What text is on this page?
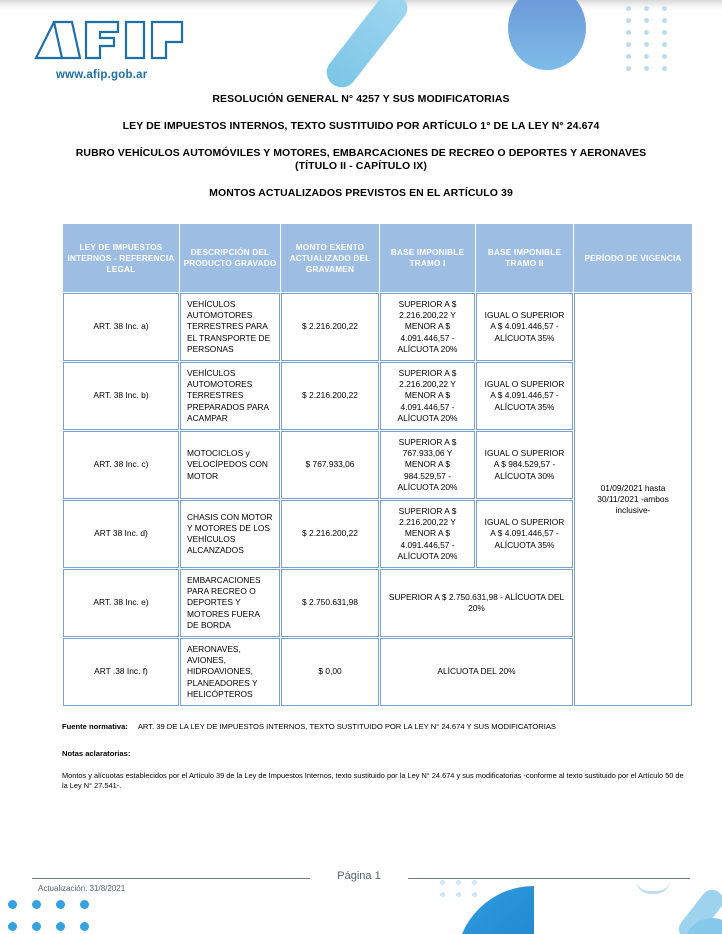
www.afip.gob.ar
RESOLUCIÓN GENERAL N° 4257 Y SUS MODIFICATORIAS
LEY DE IMPUESTOS INTERNOS, TEXTO SUSTITUIDO POR ARTÍCULO 1° DE LA LEY N° 24.674
RUBRO VEHÍCULOS AUTOMÓVILES Y MOTORES, EMBARCACIONES DE RECREO O DEPORTES Y AERONAVES (TÍTULO II - CAPÍTULO IX)
MONTOS ACTUALIZADOS PREVISTOS EN EL ARTÍCULO 39
LEY DE IMPUESTOS INTERNOS - REFERENCIA LEGAL	DESCRIPCIÓN DEL PRODUCTO GRAVADO	MONTO EXENTO ACTUALIZADO DEL GRAVAMEN	BASE IMPONIBLE TRAMO I	BASE IMPONIBLE TRAMO II	PERÍODO DE VIGENCIA
ART. 38 Inc. a)	VEHÍCULOS AUTOMOTORES TERRESTRES PARA EL TRANSPORTE DE PERSONAS	$ 2.216.200,22	SUPERIOR A $ 2.216.200,22 Y MENOR A $ 4.091.446,57 - ALÍCUOTA 20%	IGUAL O SUPERIOR A $ 4.091.446,57 - ALÍCUOTA 35%	01/09/2021 hasta 30/11/2021 -ambos inclusive-
ART. 38 Inc. b)	VEHÍCULOS AUTOMOTORES TERRESTRES PREPARADOS PARA ACAMPAR	$ 2.216.200,22	SUPERIOR A $ 2.216.200,22 Y MENOR A $ 4.091.446,57 - ALÍCUOTA 20%	IGUAL O SUPERIOR A $ 4.091.446,57 - ALÍCUOTA 35%	
ART. 38 Inc. c)	MOTOCICLOS y VELOCÍPEDOS CON MOTOR	$ 767.933,06	SUPERIOR A $ 767.933,06 Y MENOR A $ 984.529,57 - ALÍCUOTA 20%	IGUAL O SUPERIOR A $ 984.529,57 - ALÍCUOTA 30%	
ART 38 Inc. d)	CHASIS CON MOTOR Y MOTORES DE LOS VEHÍCULOS ALCANZADOS	$ 2.216.200,22	SUPERIOR A $ 2.216.200,22 Y MENOR A $ 4.091.446,57 - ALÍCUOTA 20%	IGUAL O SUPERIOR A $ 4.091.446,57 - ALÍCUOTA 35%	
ART. 38 Inc. e)	EMBARCACIONES PARA RECREO O DEPORTES Y MOTORES FUERA DE BORDA	$ 2.750.631,98	SUPERIOR A $ 2.750.631,98 - ALÍCUOTA DEL 20%		
ART .38 Inc. f)	AERONAVES, AVIONES, HIDROAVIONES, PLANEADORES Y HELICÓPTEROS	$ 0,00	ALÍCUOTA DEL 20%		
Fuente normativa: ART. 39 DE LA LEY DE IMPUESTOS INTERNOS, TEXTO SUSTITUIDO POR LA LEY N° 24.674 Y SUS MODIFICATORIAS
Notas aclaratorias:
Montos y alícuotas establecidos por el Artículo 39 de la Ley de Impuestos Internos, texto sustituido por la Ley N° 24.674 y sus modificatorias -conforme al texto sustituido por el Artículo 50 de la Ley N° 27.541-.
Página 1
Actualización: 31/8/2021
